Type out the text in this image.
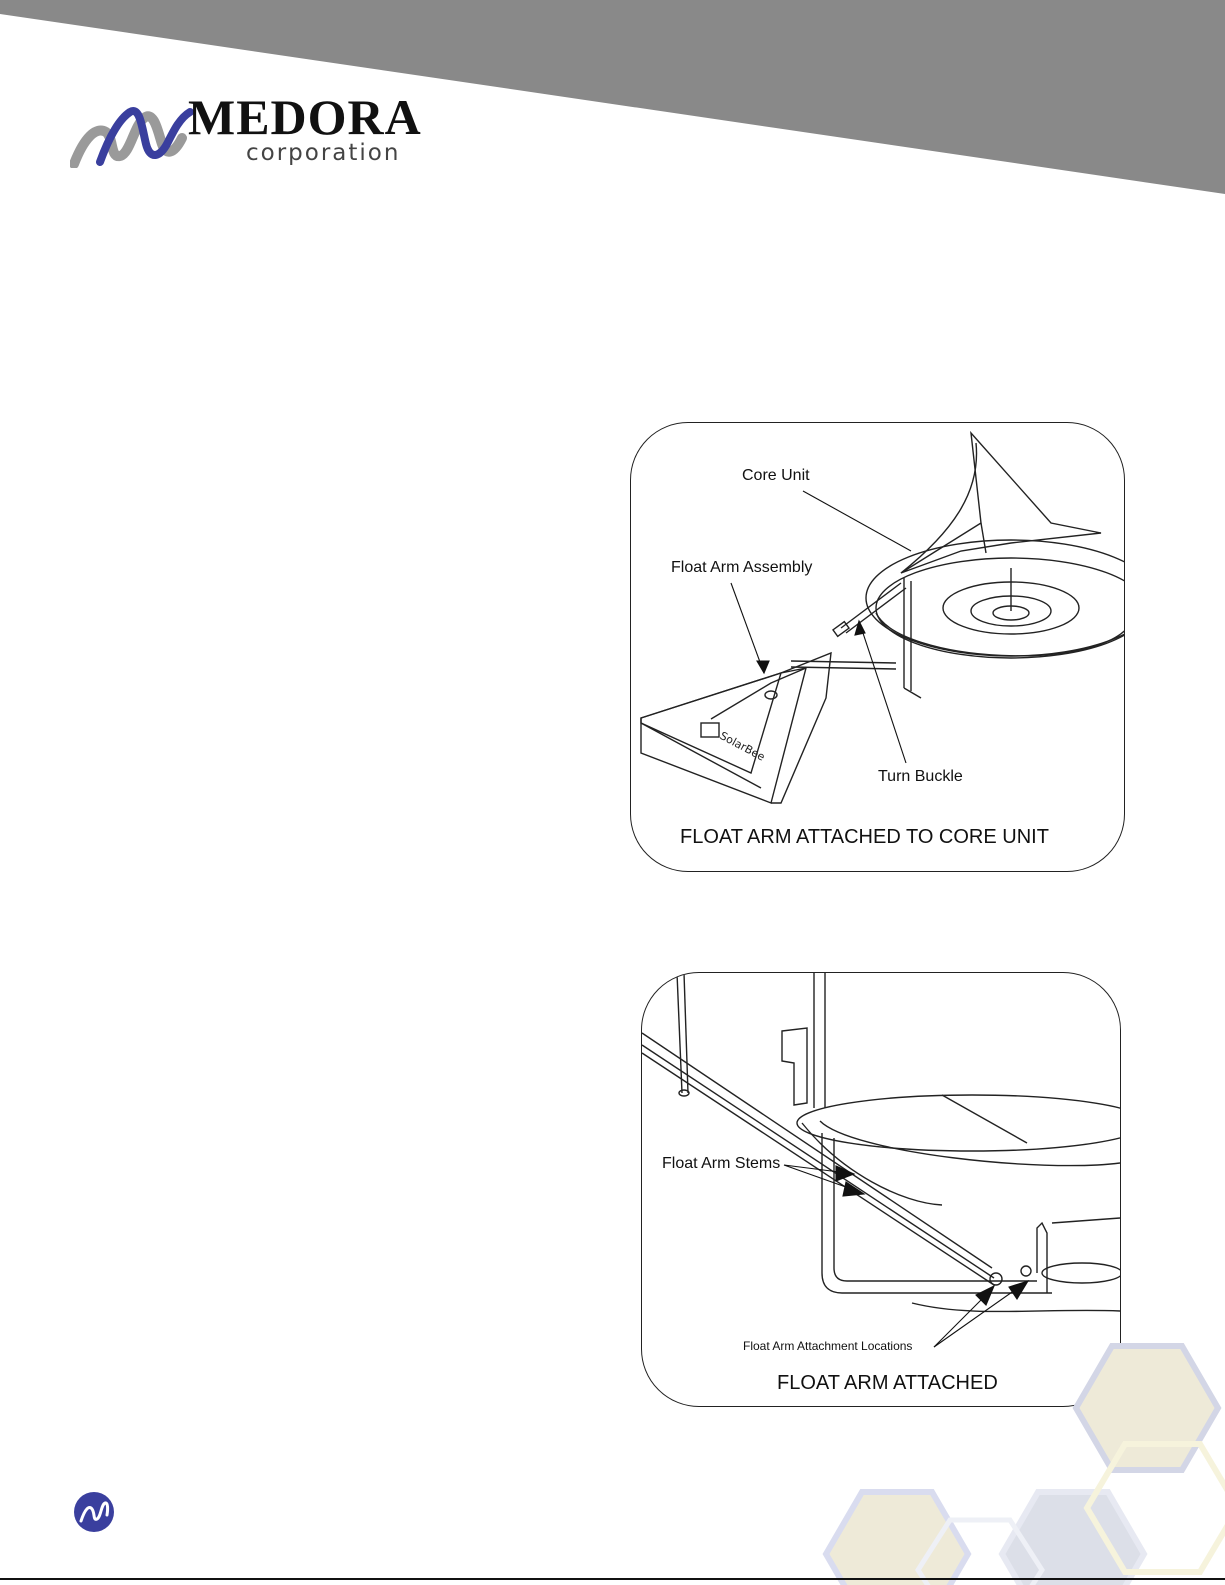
MEDORA
corporation
SolarBee
Core Unit
Float Arm Assembly
Turn Buckle
FLOAT ARM ATTACHED TO CORE UNIT
Float Arm Stems
Float Arm Attachment Locations
FLOAT ARM ATTACHED
